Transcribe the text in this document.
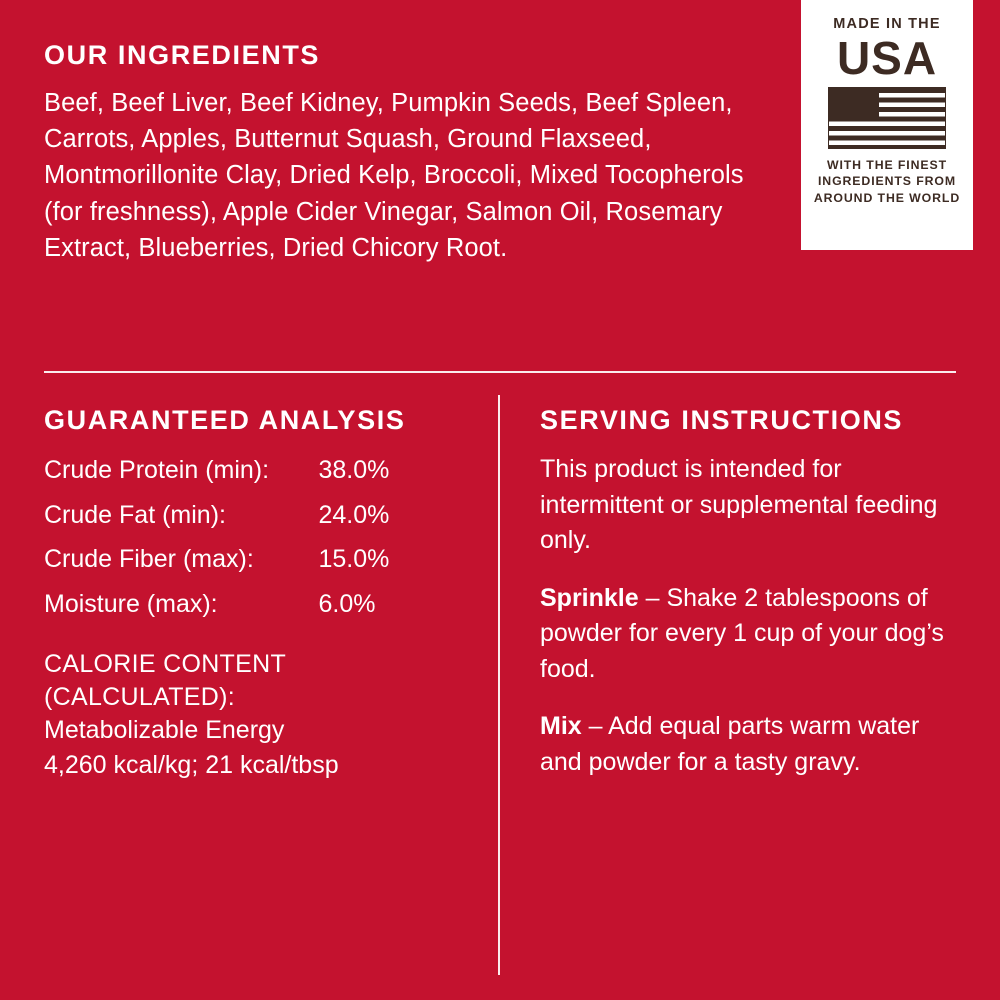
OUR INGREDIENTS
Beef, Beef Liver, Beef Kidney, Pumpkin Seeds, Beef Spleen, Carrots, Apples, Butternut Squash, Ground Flaxseed, Montmorillonite Clay, Dried Kelp, Broccoli, Mixed Tocopherols (for freshness), Apple Cider Vinegar, Salmon Oil, Rosemary Extract, Blueberries, Dried Chicory Root.
MADE IN THE
USA
WITH THE FINEST
INGREDIENTS FROM
AROUND THE WORLD
GUARANTEED ANALYSIS
Crude Protein (min):	38.0%
Crude Fat (min):	24.0%
Crude Fiber (max):	15.0%
Moisture (max):	6.0%
CALORIE CONTENT (CALCULATED):
Metabolizable Energy
4,260 kcal/kg; 21 kcal/tbsp
SERVING INSTRUCTIONS

This product is intended for intermittent or supplemental feeding only.

Sprinkle – Shake 2 tablespoons of powder for every 1 cup of your dog’s food.

Mix – Add equal parts warm water and powder for a tasty gravy.
